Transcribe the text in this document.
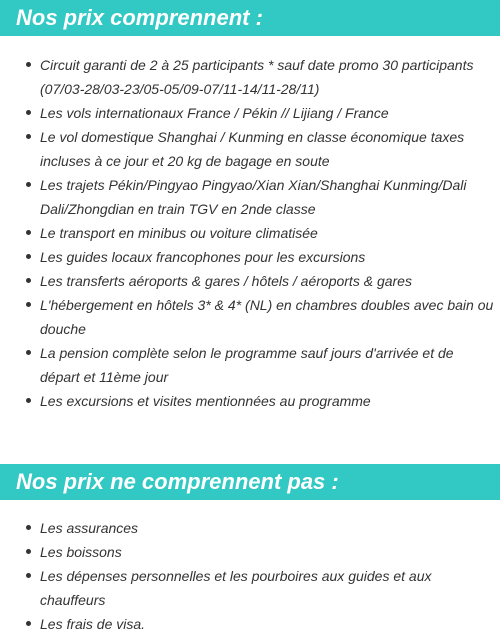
Nos prix comprennent :
Circuit garanti de 2 à 25 participants * sauf date promo 30 participants (07/03-28/03-23/05-05/09-07/11-14/11-28/11)
Les vols internationaux France / Pékin // Lijiang / France
Le vol domestique Shanghai / Kunming en classe économique taxes incluses à ce jour et 20 kg de bagage en soute
Les trajets Pékin/Pingyao Pingyao/Xian Xian/Shanghai Kunming/Dali Dali/Zhongdian en train TGV en 2nde classe
Le transport en minibus ou voiture climatisée
Les guides locaux francophones pour les excursions
Les transferts aéroports & gares / hôtels / aéroports & gares
L'hébergement en hôtels 3* & 4* (NL) en chambres doubles avec bain ou douche
La pension complète selon le programme sauf jours d'arrivée et de départ et 11ème jour
Les excursions et visites mentionnées au programme
Nos prix ne comprennent pas :
Les assurances
Les boissons
Les dépenses personnelles et les pourboires aux guides et aux chauffeurs
Les frais de visa.
